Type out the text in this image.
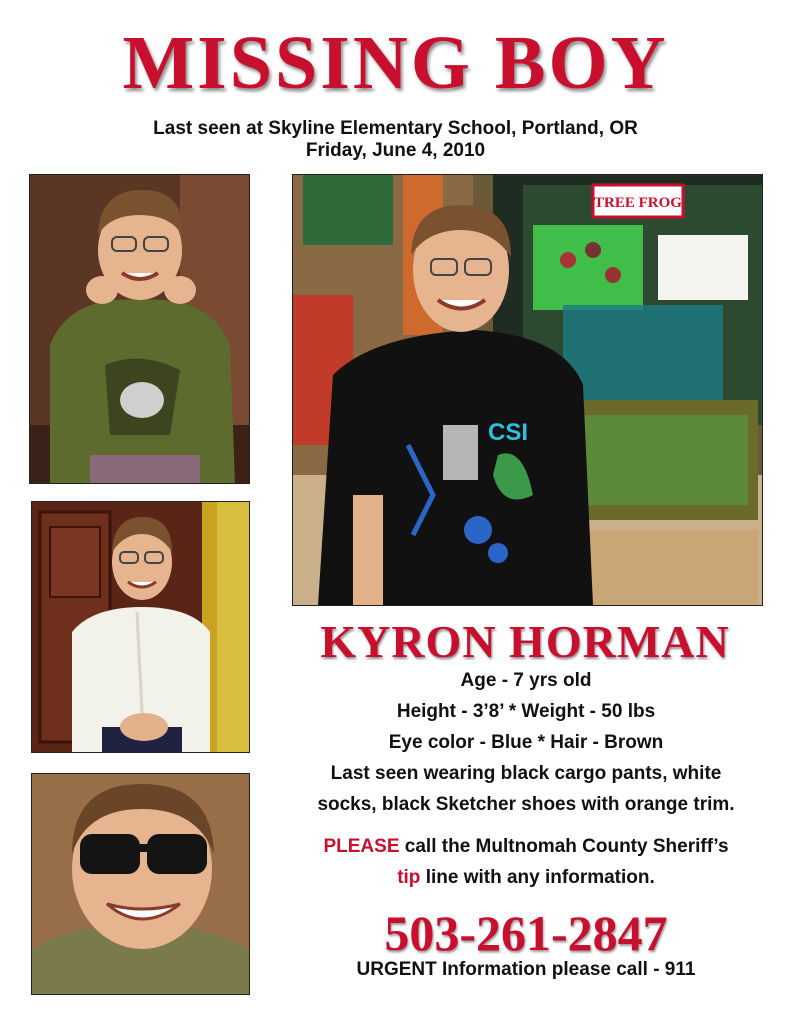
MISSING BOY
Last seen at Skyline Elementary School, Portland, OR
Friday, June 4, 2010
TREE FROG
CSI
KYRON HORMAN
Age - 7 yrs old
Height - 3’8’ * Weight - 50 lbs
Eye color - Blue * Hair - Brown
Last seen wearing black cargo pants, white
socks, black Sketcher shoes with orange trim.
PLEASE call the Multnomah County Sheriff’s
tip line with any information.
503-261-2847
URGENT Information please call - 911
